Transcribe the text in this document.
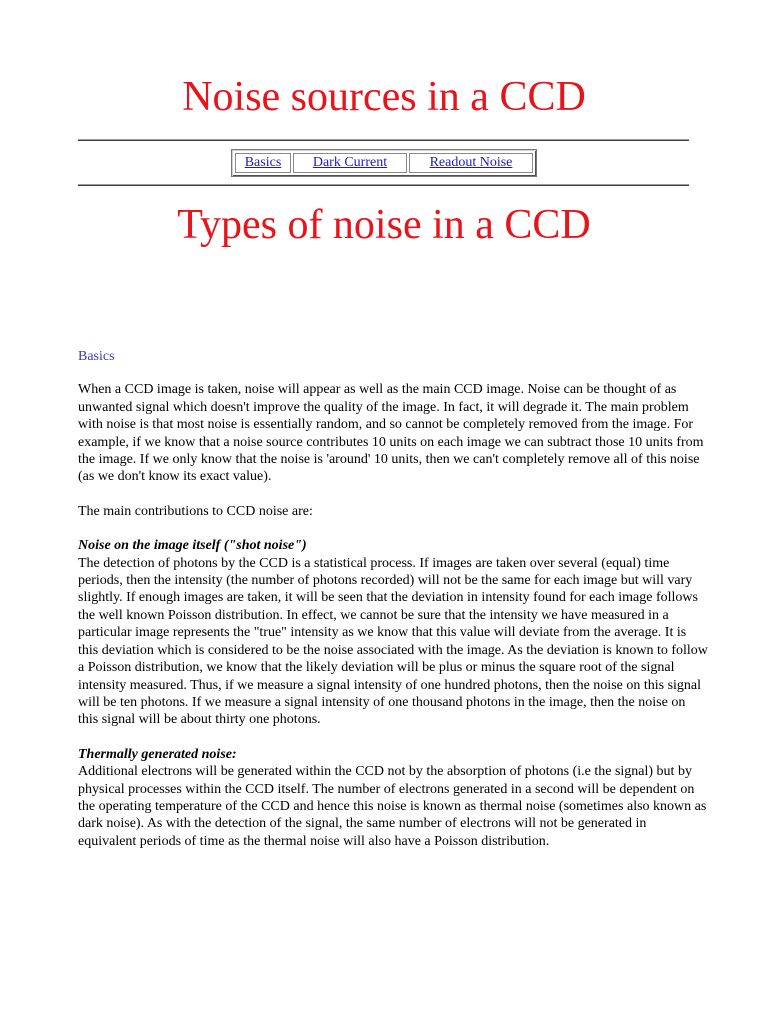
Noise sources in a CCD
Basics Dark Current	Readout Noise
Types of noise in a CCD
Basics

When a CCD image is taken, noise will appear as well as the main CCD image. Noise can be thought of as unwanted signal which doesn't improve the quality of the image. In fact, it will degrade it. The main problem with noise is that most noise is essentially random, and so cannot be completely removed from the image. For example, if we know that a noise source contributes 10 units on each image we can subtract those 10 units from the image. If we only know that the noise is 'around' 10 units, then we can't completely remove all of this noise (as we don't know its exact value).

The main contributions to CCD noise are:

Noise on the image itself ("shot noise")
The detection of photons by the CCD is a statistical process. If images are taken over several (equal) time periods, then the intensity (the number of photons recorded) will not be the same for each image but will vary slightly. If enough images are taken, it will be seen that the deviation in intensity found for each image follows the well known Poisson distribution. In effect, we cannot be sure that the intensity we have measured in a particular image represents the "true" intensity as we know that this value will deviate from the average. It is this deviation which is considered to be the noise associated with the image. As the deviation is known to follow a Poisson distribution, we know that the likely deviation will be plus or minus the square root of the signal intensity measured. Thus, if we measure a signal intensity of one hundred photons, then the noise on this signal will be ten photons. If we measure a signal intensity of one thousand photons in the image, then the noise on this signal will be about thirty one photons.

Thermally generated noise:
Additional electrons will be generated within the CCD not by the absorption of photons (i.e the signal) but by physical processes within the CCD itself. The number of electrons generated in a second will be dependent on the operating temperature of the CCD and hence this noise is known as thermal noise (sometimes also known as dark noise). As with the detection of the signal, the same number of electrons will not be generated in equivalent periods of time as the thermal noise will also have a Poisson distribution.
